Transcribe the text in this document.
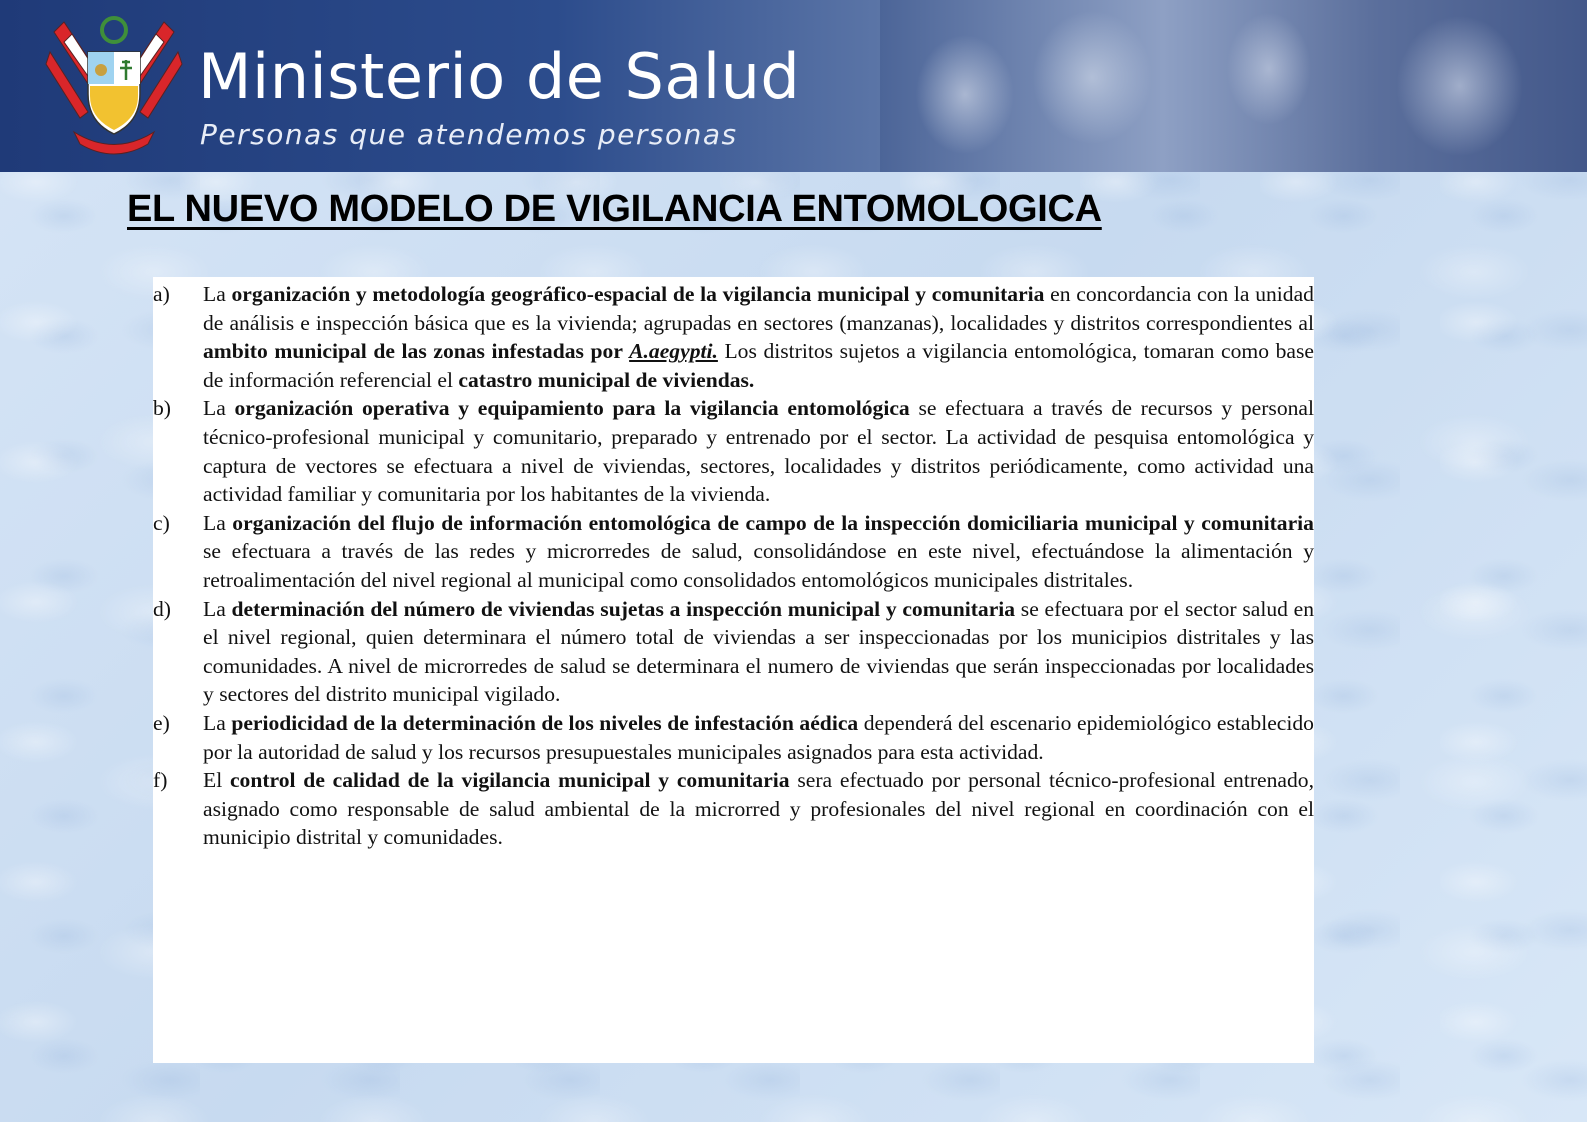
Ministerio de Salud
Personas que atendemos personas
EL NUEVO MODELO DE VIGILANCIA ENTOMOLOGICA
a)	La organización y metodología geográfico-espacial de la vigilancia municipal y comunitaria en concordancia con la unidad de análisis e inspección básica que es la vivienda; agrupadas en sectores (manzanas), localidades y distritos correspondientes al ambito municipal de las zonas infestadas por A.aegypti. Los distritos sujetos a vigilancia entomológica, tomaran como base de información referencial el catastro municipal de viviendas.
b)	La organización operativa y equipamiento para la vigilancia entomológica se efectuara a través de recursos y personal técnico-profesional municipal y comunitario, preparado y entrenado por el sector. La actividad de pesquisa entomológica y captura de vectores se efectuara a nivel de viviendas, sectores, localidades y distritos periódicamente, como actividad una actividad familiar y comunitaria por los habitantes de la vivienda.
c)	La organización del flujo de información entomológica de campo de la inspección domiciliaria municipal y comunitaria se efectuara a través de las redes y microrredes de salud, consolidándose en este nivel, efectuándose la alimentación y retroalimentación del nivel regional al municipal como consolidados entomológicos municipales distritales.
d)	La determinación del número de viviendas sujetas a inspección municipal y comunitaria se efectuara por el sector salud en el nivel regional, quien determinara el número total de viviendas a ser inspeccionadas por los municipios distritales y las comunidades. A nivel de microrredes de salud se determinara el numero de viviendas que serán inspeccionadas por localidades y sectores del distrito municipal vigilado.
e)	La periodicidad de la determinación de los niveles de infestación aédica dependerá del escenario epidemiológico establecido por la autoridad de salud y los recursos presupuestales municipales asignados para esta actividad.
f)	El control de calidad de la vigilancia municipal y comunitaria sera efectuado por personal técnico-profesional entrenado, asignado como responsable de salud ambiental de la microrred y profesionales del nivel regional en coordinación con el municipio distrital y comunidades.
